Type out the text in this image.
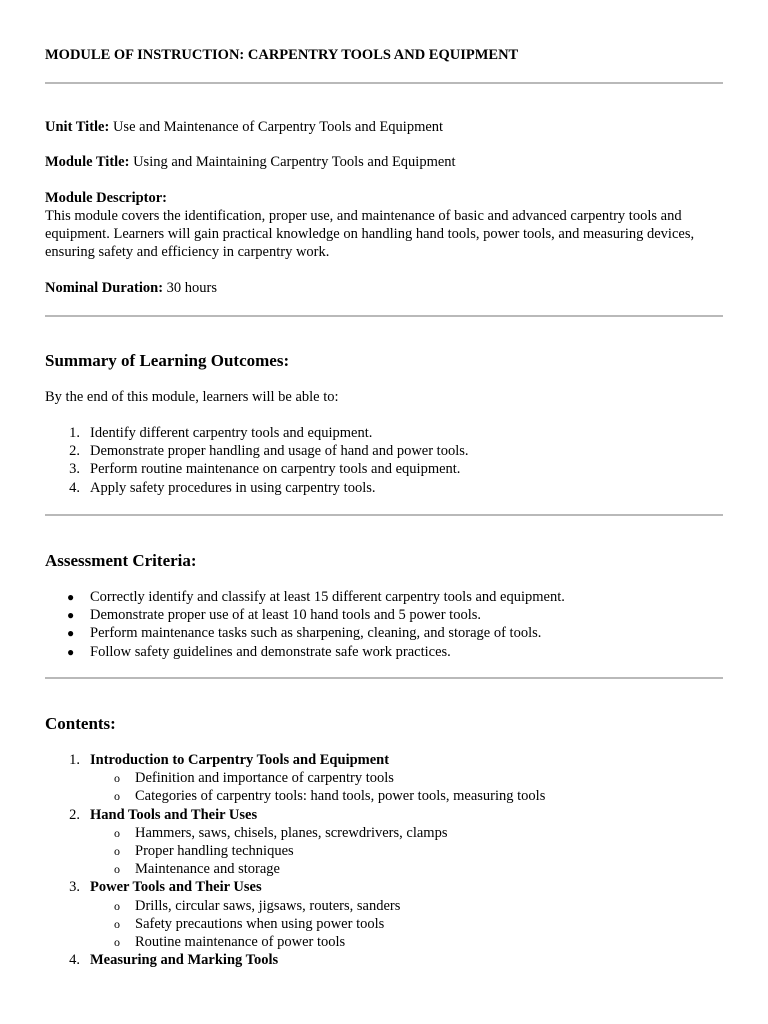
MODULE OF INSTRUCTION: CARPENTRY TOOLS AND EQUIPMENT

Unit Title: Use and Maintenance of Carpentry Tools and Equipment

Module Title: Using and Maintaining Carpentry Tools and Equipment

Module Descriptor:
This module covers the identification, proper use, and maintenance of basic and advanced carpentry tools and equipment. Learners will gain practical knowledge on handling hand tools, power tools, and measuring devices, ensuring safety and efficiency in carpentry work.

Nominal Duration: 30 hours

Summary of Learning Outcomes:

By the end of this module, learners will be able to:

1. Identify different carpentry tools and equipment.
2. Demonstrate proper handling and usage of hand and power tools.
3. Perform routine maintenance on carpentry tools and equipment.
4. Apply safety procedures in using carpentry tools.
Assessment Criteria:
● Correctly identify and classify at least 15 different carpentry tools and equipment.
● Demonstrate proper use of at least 10 hand tools and 5 power tools.
● Perform maintenance tasks such as sharpening, cleaning, and storage of tools.
● Follow safety guidelines and demonstrate safe work practices.
Contents:
1. Introduction to Carpentry Tools and Equipment
o Definition and importance of carpentry tools
o Categories of carpentry tools: hand tools, power tools, measuring tools
2. Hand Tools and Their Uses
o Hammers, saws, chisels, planes, screwdrivers, clamps
o Proper handling techniques
o Maintenance and storage
3. Power Tools and Their Uses
o Drills, circular saws, jigsaws, routers, sanders
o Safety precautions when using power tools
o Routine maintenance of power tools
4. Measuring and Marking Tools
